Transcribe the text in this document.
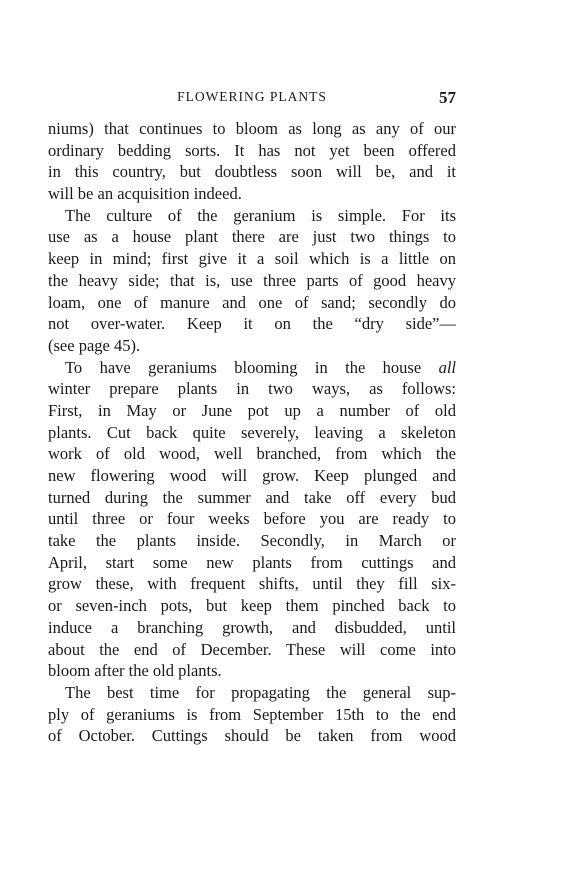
FLOWERING PLANTS	57
niums) that continues to bloom as long as any of our
ordinary bedding sorts. It has not yet been offered
in this country, but doubtless soon will be, and it
will be an acquisition indeed.
The culture of the geranium is simple. For its
use as a house plant there are just two things to
keep in mind; first give it a soil which is a little on
the heavy side; that is, use three parts of good heavy
loam, one of manure and one of sand; secondly do
not over-water. Keep it on the “dry side”—
(see page 45).
To have geraniums blooming in the house all
winter prepare plants in two ways, as follows:
First, in May or June pot up a number of old
plants. Cut back quite severely, leaving a skeleton
work of old wood, well branched, from which the
new flowering wood will grow. Keep plunged and
turned during the summer and take off every bud
until three or four weeks before you are ready to
take the plants inside. Secondly, in March or
April, start some new plants from cuttings and
grow these, with frequent shifts, until they fill six-
or seven-inch pots, but keep them pinched back to
induce a branching growth, and disbudded, until
about the end of December. These will come into
bloom after the old plants.
The best time for propagating the general sup-
ply of geraniums is from September 15th to the end
of October. Cuttings should be taken from wood
